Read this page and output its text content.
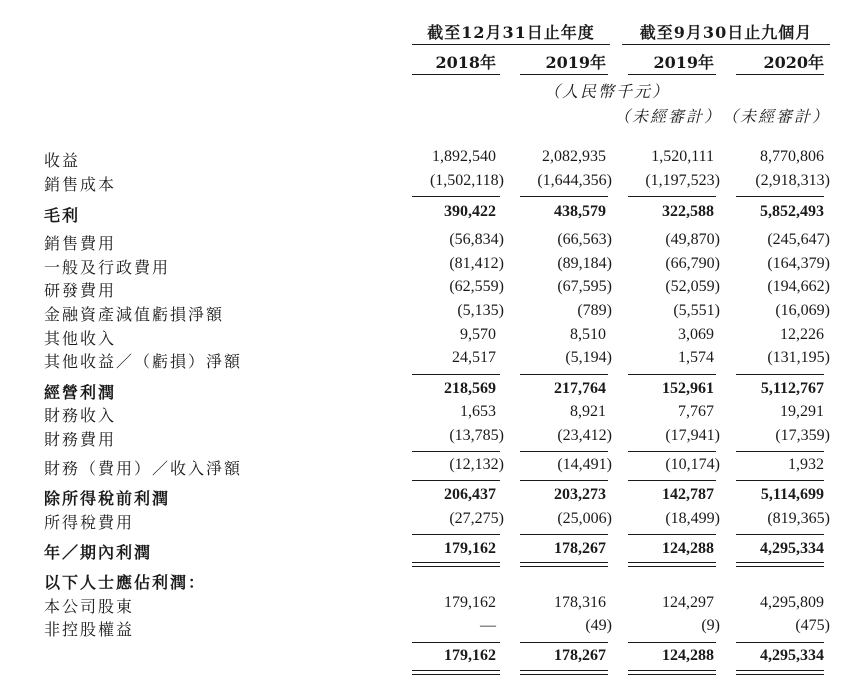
截至12月31日止年度	截至9月30日止九個月
2018年	2019年	2019年	2020年
（人民幣千元）
（未經審計） （未經審計）
收益	1,892,540	2,082,935	1,520,111	8,770,806
銷售成本	(1,502,118)	(1,644,356)	(1,197,523)	(2,918,313)
毛利	390,422	438,579	322,588	5,852,493
銷售費用	(56,834)	(66,563)	(49,870)	(245,647)
一般及行政費用	(81,412)	(89,184)	(66,790)	(164,379)
研發費用	(62,559)	(67,595)	(52,059)	(194,662)
金融資產減值虧損淨額	(5,135)	(789)	(5,551)	(16,069)
其他收入	9,570	8,510	3,069	12,226
其他收益／（虧損）淨額	24,517	(5,194)	1,574	(131,195)
經營利潤	218,569	217,764	152,961	5,112,767
財務收入	1,653	8,921	7,767	19,291
財務費用	(13,785)	(23,412)	(17,941)	(17,359)
財務（費用）／收入淨額	(12,132)	(14,491)	(10,174)	1,932
除所得稅前利潤	206,437	203,273	142,787	5,114,699
所得稅費用	(27,275)	(25,006)	(18,499)	(819,365)
年／期內利潤	179,162	178,267	124,288	4,295,334
以下人士應佔利潤：
本公司股東	179,162	178,316	124,297	4,295,809
非控股權益	—	(49)	(9)	(475)
179,162	178,267	124,288	4,295,334
